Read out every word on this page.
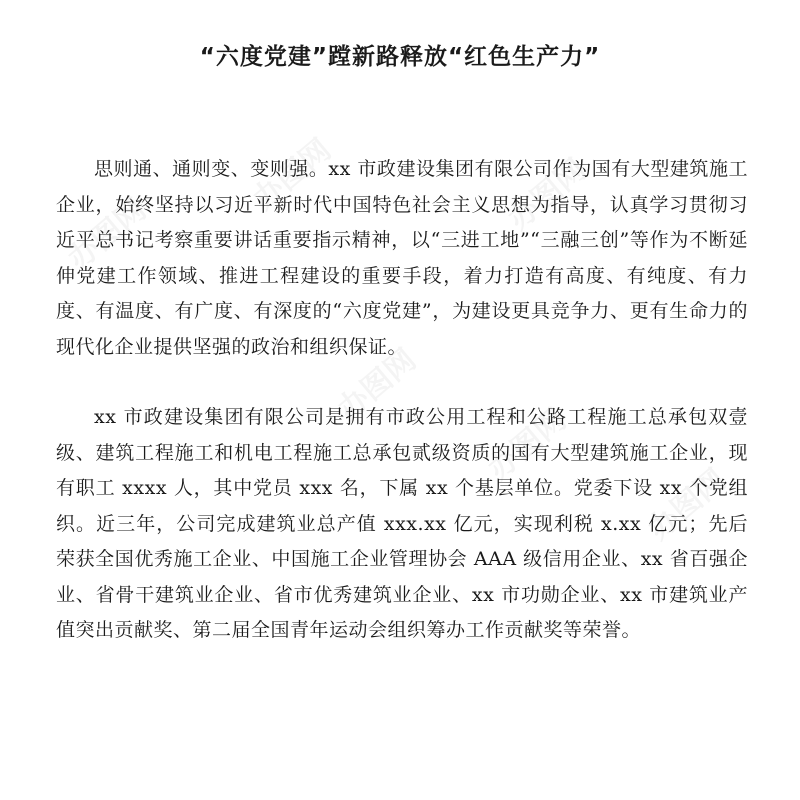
办图网
办图网	办图网
办图网
办图网
办图网
“六度党建”蹚新路释放“红色生产力”

思则通、通则变、变则强。xx 市政建设集团有限公司作为国有大型建筑施工企业，始终坚持以习近平新时代中国特色社会主义思想为指导，认真学习贯彻习近平总书记考察重要讲话重要指示精神，以“三进工地”“三融三创”等作为不断延伸党建工作领域、推进工程建设的重要手段，着力打造有高度、有纯度、有力度、有温度、有广度、有深度的“六度党建”，为建设更具竞争力、更有生命力的现代化企业提供坚强的政治和组织保证。

xx 市政建设集团有限公司是拥有市政公用工程和公路工程施工总承包双壹级、建筑工程施工和机电工程施工总承包贰级资质的国有大型建筑施工企业，现有职工 xxxx 人，其中党员 xxx 名，下属 xx 个基层单位。党委下设 xx 个党组织。近三年，公司完成建筑业总产值 xxx.xx 亿元，实现利税 x.xx 亿元；先后荣获全国优秀施工企业、中国施工企业管理协会 AAA 级信用企业、xx 省百强企业、省骨干建筑业企业、省市优秀建筑业企业、xx 市功勋企业、xx 市建筑业产值突出贡献奖、第二届全国青年运动会组织筹办工作贡献奖等荣誉。
